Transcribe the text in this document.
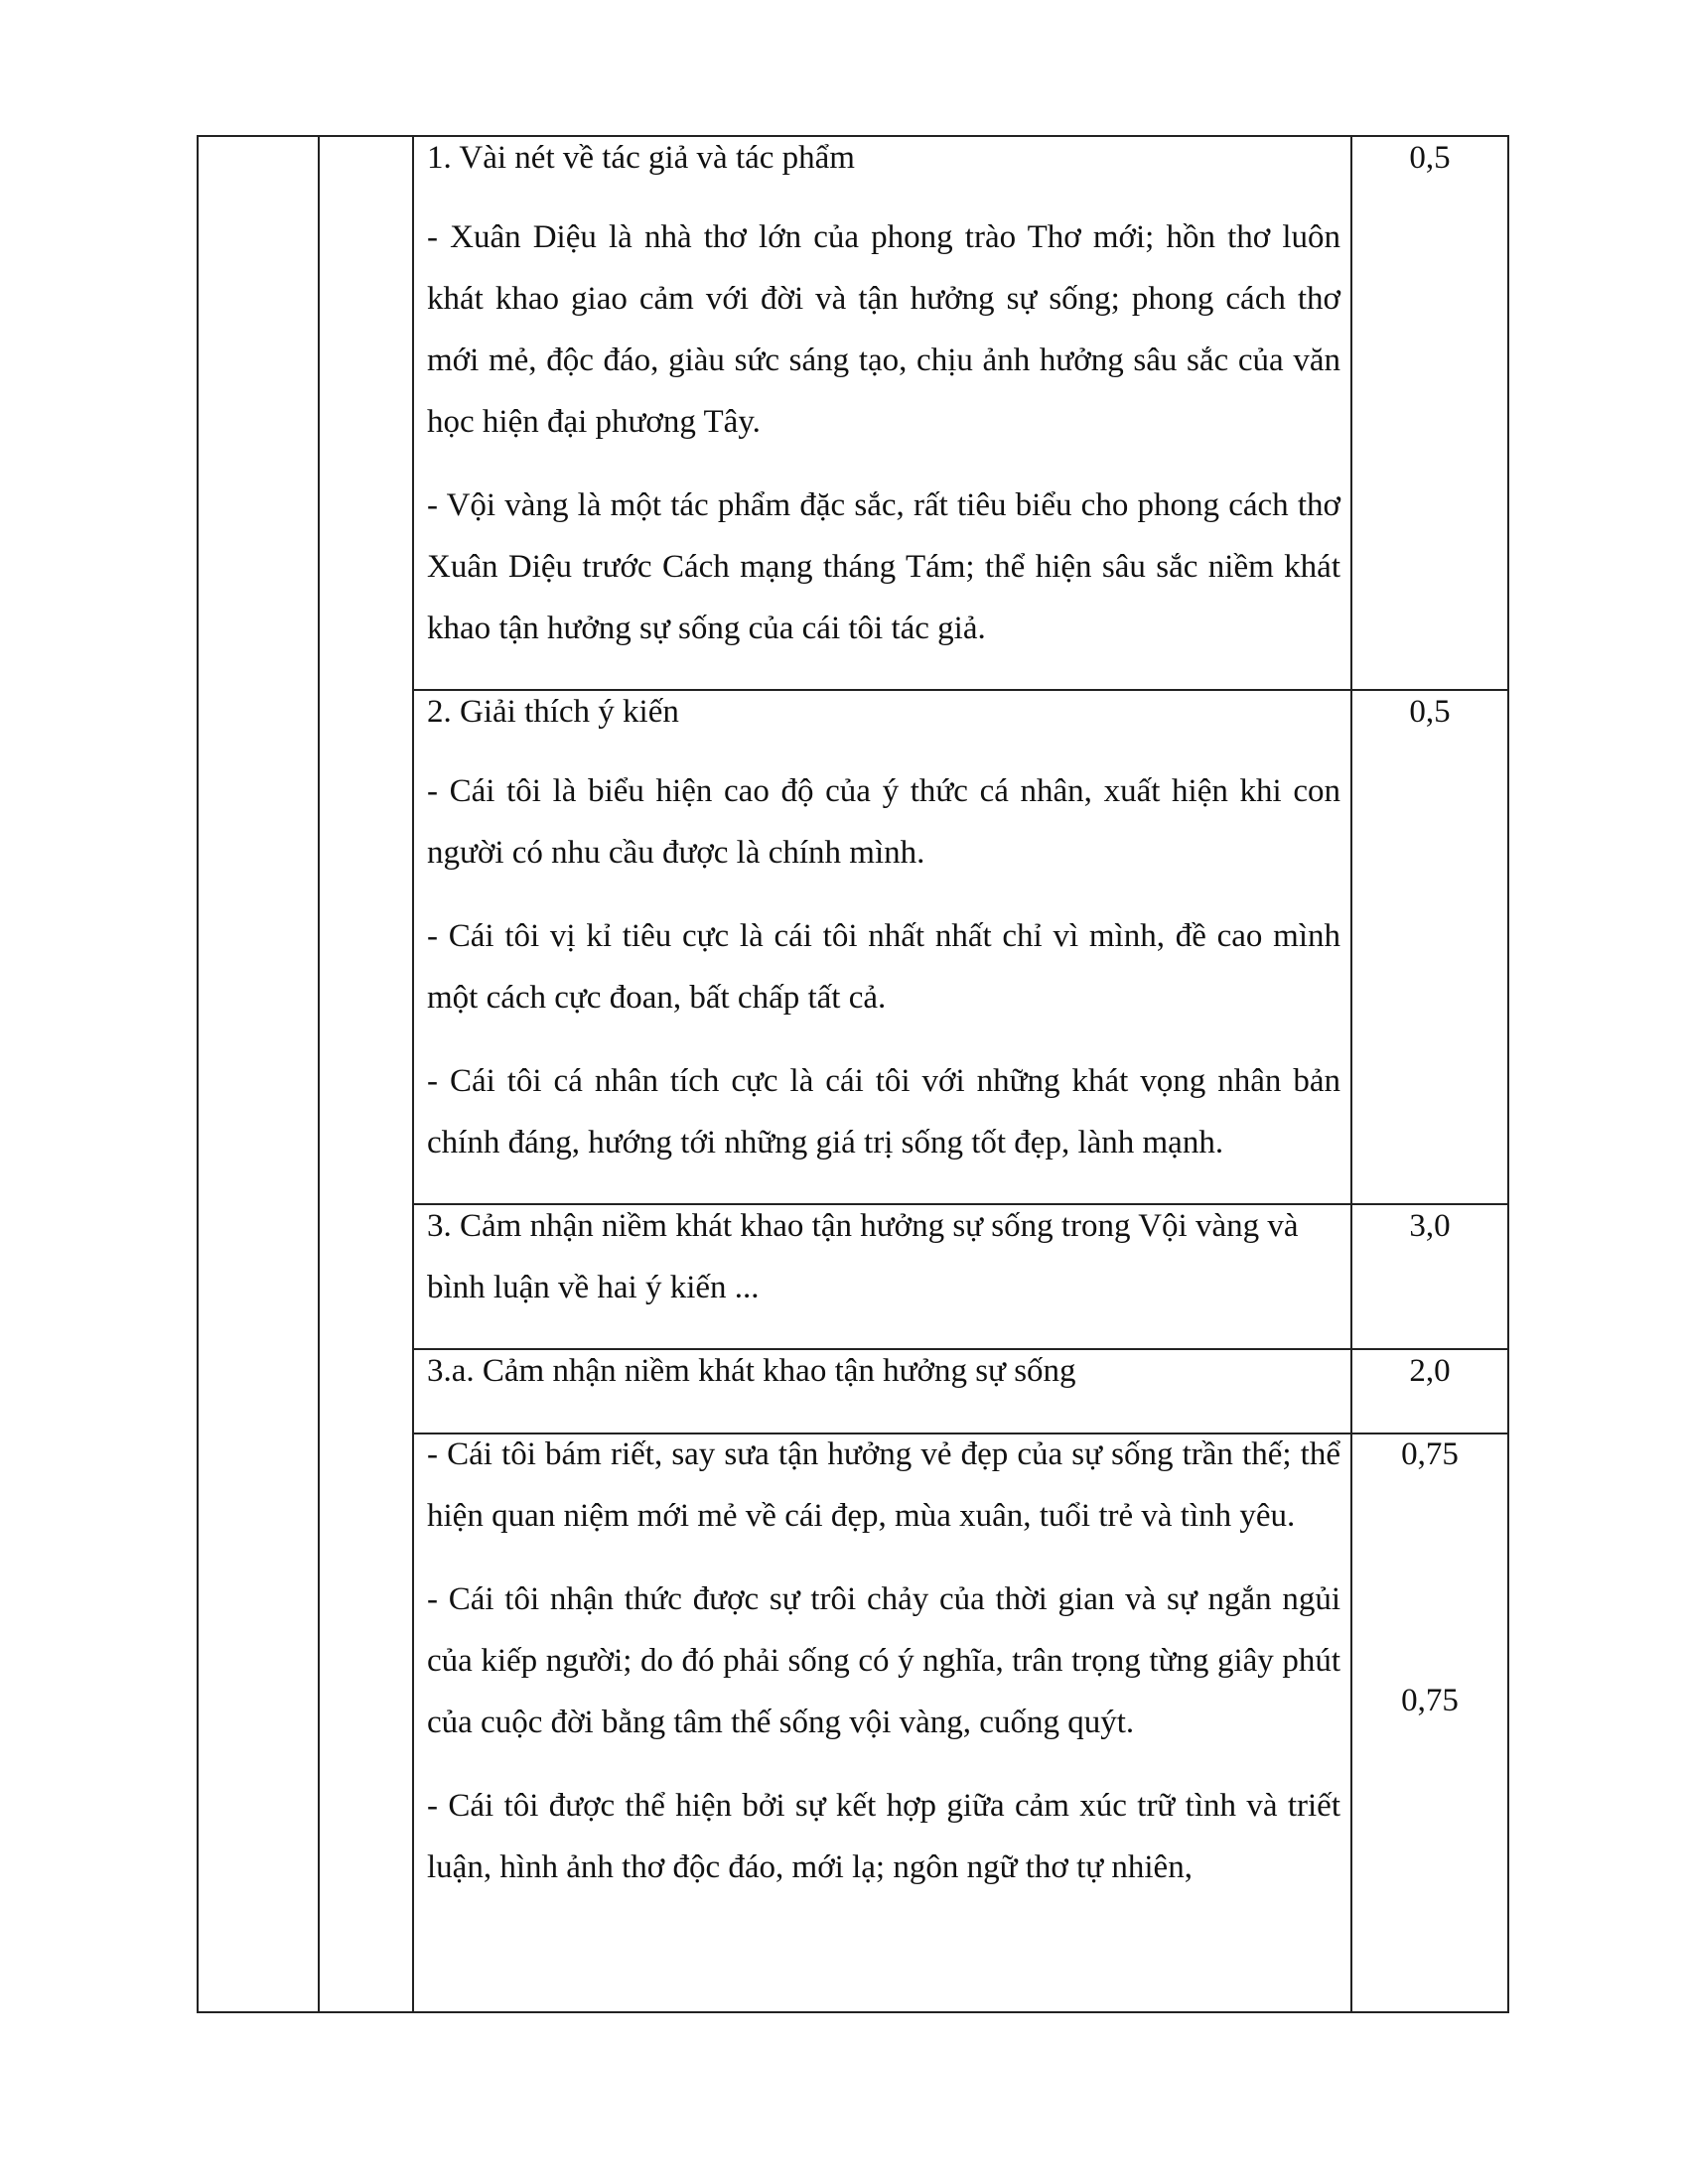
1. Vài nét về tác giả và tác phẩm

- Xuân Diệu là nhà thơ lớn của phong trào Thơ mới; hồn thơ luôn khát khao giao cảm với đời và tận hưởng sự sống; phong cách thơ mới mẻ, độc đáo, giàu sức sáng tạo, chịu ảnh hưởng sâu sắc của văn học hiện đại phương Tây.

- Vội vàng là một tác phẩm đặc sắc, rất tiêu biểu cho phong cách thơ Xuân Diệu trước Cách mạng tháng Tám; thể hiện sâu sắc niềm khát khao tận hưởng sự sống của cái tôi tác giả.

0,5

2. Giải thích ý kiến

- Cái tôi là biểu hiện cao độ của ý thức cá nhân, xuất hiện khi con người có nhu cầu được là chính mình.

- Cái tôi vị kỉ tiêu cực là cái tôi nhất nhất chỉ vì mình, đề cao mình một cách cực đoan, bất chấp tất cả.

- Cái tôi cá nhân tích cực là cái tôi với những khát vọng nhân bản chính đáng, hướng tới những giá trị sống tốt đẹp, lành mạnh.

0,5

3. Cảm nhận niềm khát khao tận hưởng sự sống trong Vội vàng và bình luận về hai ý kiến ...

3,0

3.a. Cảm nhận niềm khát khao tận hưởng sự sống	2,0

- Cái tôi bám riết, say sưa tận hưởng vẻ đẹp của sự sống trần thế; thể hiện quan niệm mới mẻ về cái đẹp, mùa xuân, tuổi trẻ và tình yêu.

- Cái tôi nhận thức được sự trôi chảy của thời gian và sự ngắn ngủi của kiếp người; do đó phải sống có ý nghĩa, trân trọng từng giây phút của cuộc đời bằng tâm thế sống vội vàng, cuống quýt.

- Cái tôi được thể hiện bởi sự kết hợp giữa cảm xúc trữ tình và triết luận, hình ảnh thơ độc đáo, mới lạ; ngôn ngữ thơ tự nhiên,

0,75
0,75
